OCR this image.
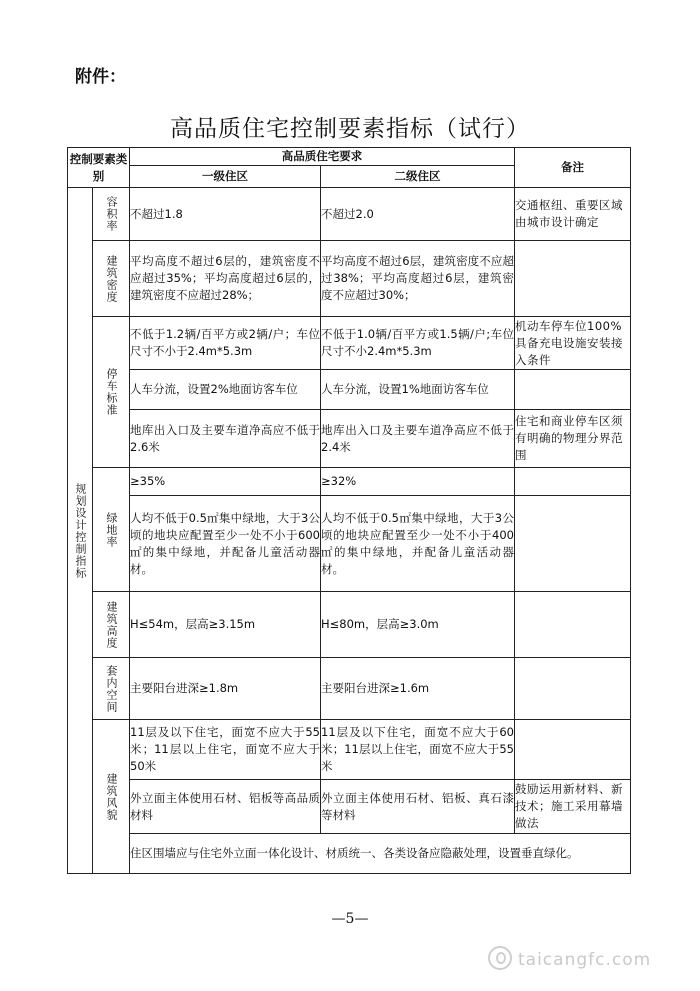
附件：
高品质住宅控制要素指标（试行）
控制要素类别		高品质住宅要求		备注
		一级住区	二级住区	

规划设计控制指标	容积率	不超过1.8	不超过2.0	交通枢纽、重要区域由城市设计确定

	建筑密度	平均高度不超过6层的，建筑密度不应超过35%；平均高度超过6层的，建筑密度不应超过28%；	平均高度不超过6层，建筑密度不应超过38%；平均高度超过6层，建筑密度不应超过30%；	

	停车标准	不低于1.2辆/百平方或2辆/户；车位尺寸不小于2.4m*5.3m	不低于1.0辆/百平方或1.5辆/户;车位尺寸不小2.4m*5.3m	机动车停车位100%具备充电设施安装接入条件
		人车分流，设置2%地面访客车位	人车分流，设置1%地面访客车位	
		地库出入口及主要车道净高应不低于2.6米	地库出入口及主要车道净高应不低于2.4米	住宅和商业停车区须有明确的物理分界范围

	绿地率	≥35%	≥32%	
		人均不低于0.5㎡集中绿地，大于3公顷的地块应配置至少一处不小于600㎡的集中绿地，并配备儿童活动器材。	人均不低于0.5㎡集中绿地，大于3公顷的地块应配置至少一处不小于400㎡的集中绿地，并配备儿童活动器材。	

	建筑高度	H≤54m，层高≥3.15m	H≤80m，层高≥3.0m	

	套内空间	主要阳台进深≥1.8m	主要阳台进深≥1.6m	

	建筑风貌	11层及以下住宅，面宽不应大于55米；11层以上住宅，面宽不应大于50米	11层及以下住宅，面宽不应大于60米；11层以上住宅，面宽不应大于55米	
		外立面主体使用石材、铝板等高品质材料	外立面主体使用石材、铝板、真石漆等材料	鼓励运用新材料、新技术；施工采用幕墙做法
		住区围墙应与住宅外立面一体化设计、材质统一、各类设备应隐蔽处理，设置垂直绿化。		
—5—
taicangfc.com
